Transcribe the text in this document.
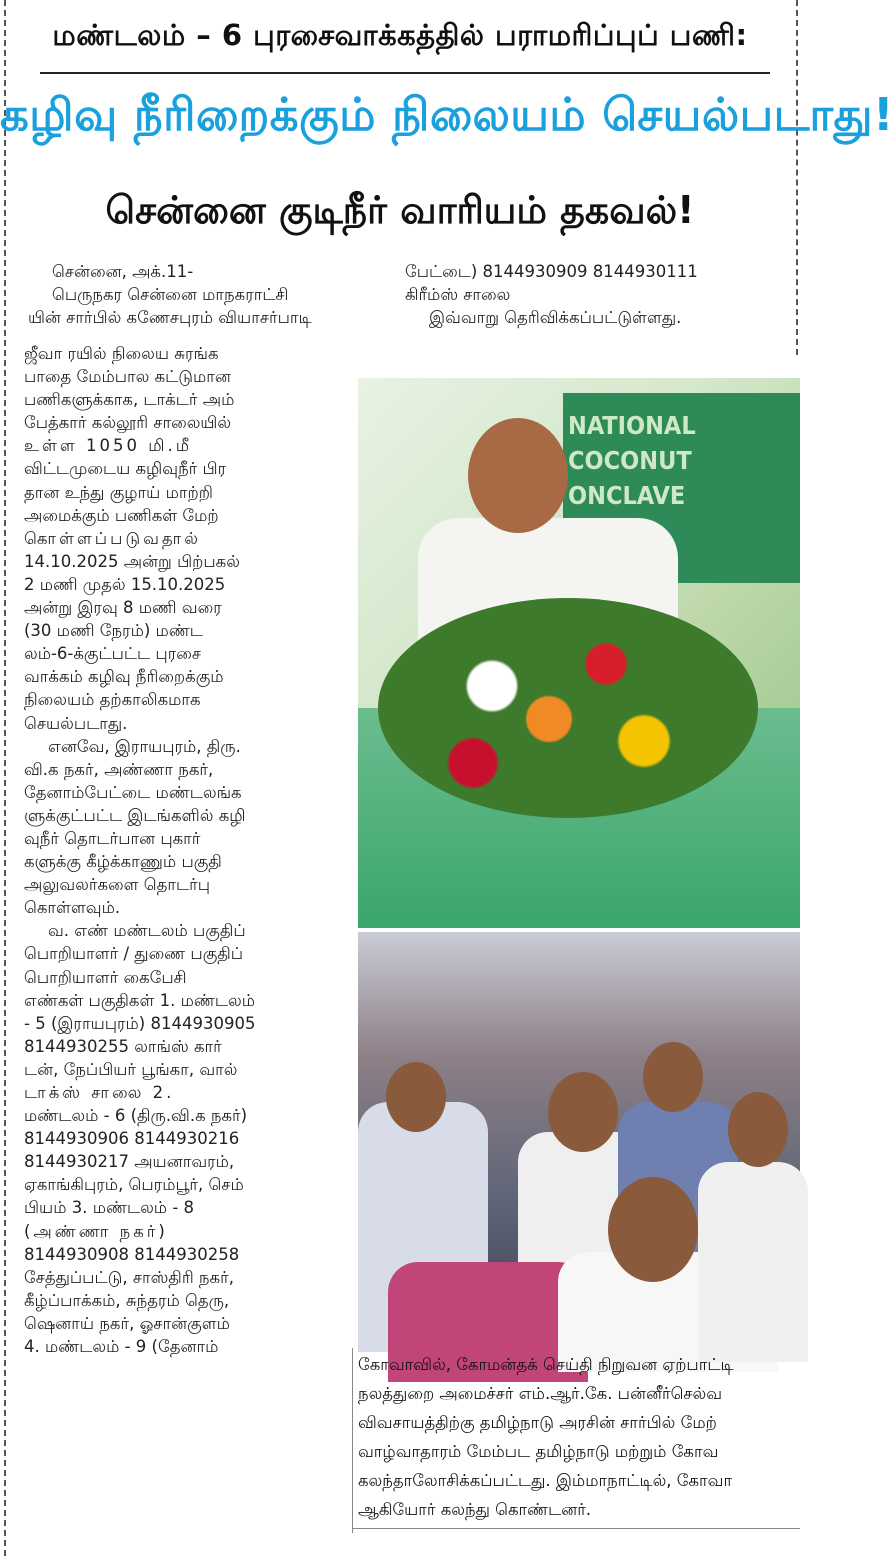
மண்டலம் – 6 புரசைவாக்கத்தில் பராமரிப்புப் பணி:
கழிவு நீரிறைக்கும் நிலையம் செயல்படாது!
சென்னை குடிநீர் வாரியம் தகவல்!
சென்னை, அக்.11-
பெருநகர சென்னை மாநகராட்சி
யின் சார்பில் கணேசபுரம் வியாசர்பாடி
ஜீவா ரயில் நிலைய சுரங்க
பாதை மேம்பால கட்டுமான
பணிகளுக்காக, டாக்டர் அம்
பேத்கார் கல்லூரி சாலையில்
உள்ள 1050 மி.மீ
விட்டமுடைய கழிவுநீர் பிர
தான உந்து குழாய் மாற்றி
அமைக்கும் பணிகள் மேற்
கொள்ளப்படுவதால்
14.10.2025 அன்று பிற்பகல்
2 மணி முதல் 15.10.2025
அன்று இரவு 8 மணி வரை
(30 மணி நேரம்) மண்ட
லம்-6-க்குட்பட்ட புரசை
வாக்கம் கழிவு நீரிறைக்கும்
நிலையம் தற்காலிகமாக
செயல்படாது.
எனவே, இராயபுரம், திரு.
வி.க நகர், அண்ணா நகர்,
தேனாம்பேட்டை மண்டலங்க
ளுக்குட்பட்ட இடங்களில் கழி
வுநீர் தொடர்பான புகார்
களுக்கு கீழ்க்காணும் பகுதி
அலுவலர்களை தொடர்பு
கொள்ளவும்.
வ. எண் மண்டலம் பகுதிப்
பொறியாளர் / துணை பகுதிப்
பொறியாளர் கைபேசி
எண்கள் பகுதிகள் 1. மண்டலம்
- 5 (இராயபுரம்) 8144930905
8144930255 லாங்ஸ் கார்
டன், நேப்பியர் பூங்கா, வால்
டாக்ஸ் சாலை 2.
மண்டலம் - 6 (திரு.வி.க நகர்)
8144930906 8144930216
8144930217 அயனாவரம்,
ஏகாங்கிபுரம், பெரம்பூர், செம்
பியம் 3. மண்டலம் - 8
(அண்ணா நகர்)
8144930908 8144930258
சேத்துப்பட்டு, சாஸ்திரி நகர்,
கீழ்ப்பாக்கம், சுந்தரம் தெரு,
ஷெனாய் நகர், ஓசான்குளம்
4. மண்டலம் - 9 (தேனாம்
பேட்டை) 8144930909 8144930111
கிரீம்ஸ் சாலை
இவ்வாறு தெரிவிக்கப்பட்டுள்ளது.
NATIONAL
COCONUT
ONCLAVE
கோவாவில், கோமன்தக் செய்தி நிறுவன ஏற்பாட்டி
நலத்துறை அமைச்சர் எம்.ஆர்.கே. பன்னீர்செல்வ
விவசாயத்திற்கு தமிழ்நாடு அரசின் சார்பில் மேற்
வாழ்வாதாரம் மேம்பட தமிழ்நாடு மற்றும் கோவ
கலந்தாலோசிக்கப்பட்டது. இம்மாநாட்டில், கோவா
ஆகியோர் கலந்து கொண்டனர்.
